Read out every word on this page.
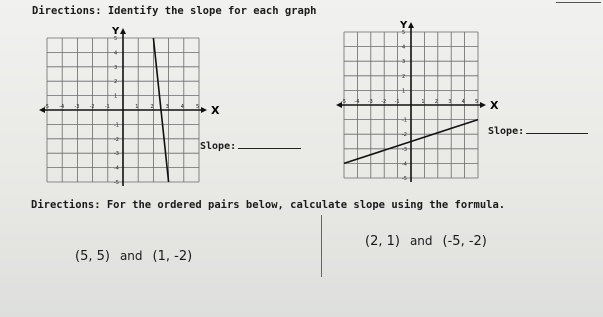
Directions: Identify the slope for each graph
X
Y
-5 -4 -3 -2 -1	1 2 3 4 5
5
4
3
2
1
-1
-2
-3
-4
-5
Slope:
X
Y
-5 -4 -3 -2 -1	1 2 3 4 5
5
4
3
2
1
-1
-2
-3
-4
-5
Slope:
Directions: For the ordered pairs below, calculate slope using the formula.
(5, 5) and (1, -2)
(2, 1) and (-5, -2)
